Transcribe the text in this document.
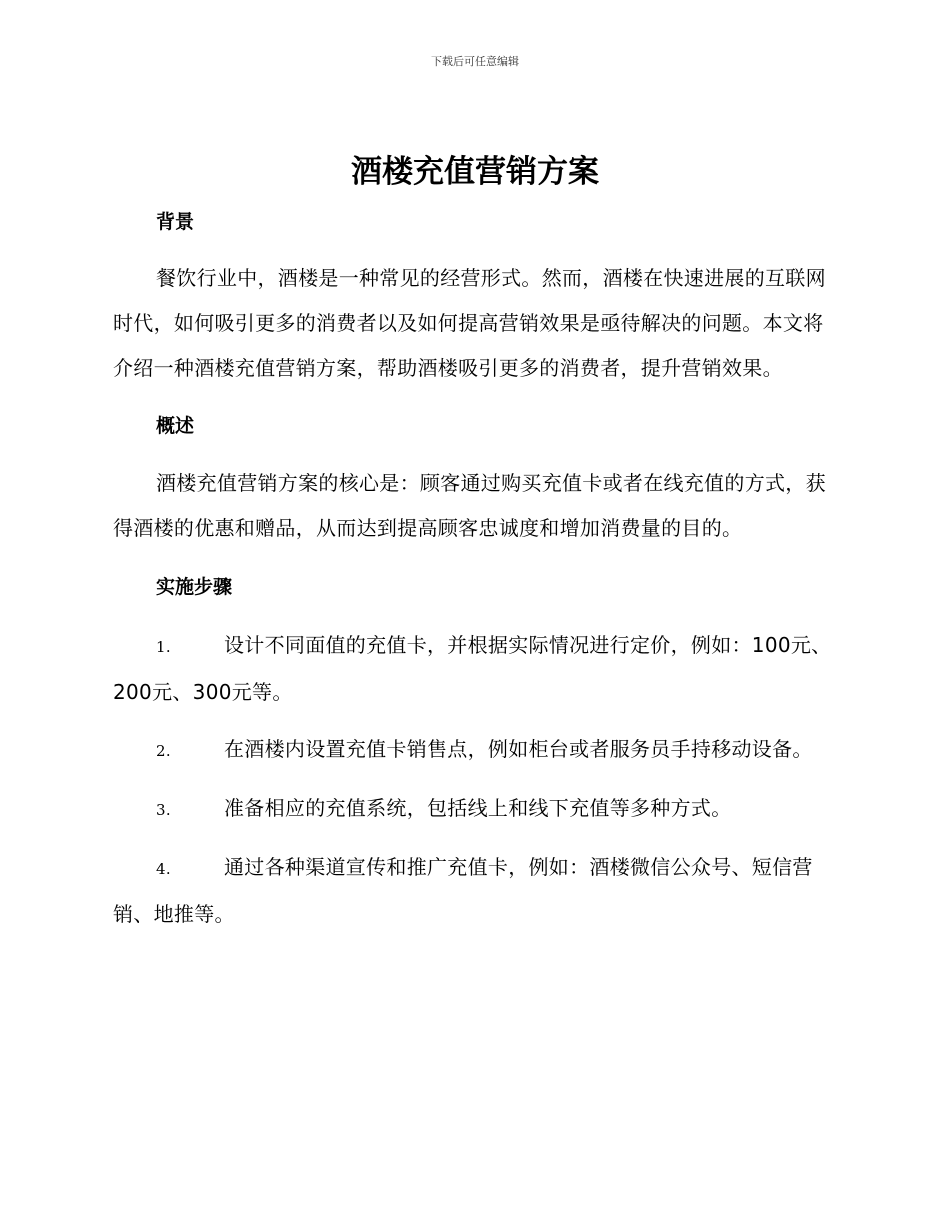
下载后可任意编辑
酒楼充值营销方案
背景

餐饮行业中，酒楼是一种常见的经营形式。然而，酒楼在快速进展的互联网时代，如何吸引更多的消费者以及如何提高营销效果是亟待解决的问题。本文将介绍一种酒楼充值营销方案，帮助酒楼吸引更多的消费者，提升营销效果。

概述

酒楼充值营销方案的核心是：顾客通过购买充值卡或者在线充值的方式，获得酒楼的优惠和赠品，从而达到提高顾客忠诚度和增加消费量的目的。

实施步骤

1.	设计不同面值的充值卡，并根据实际情况进行定价，例如：100元、200元、300元等。

2.	在酒楼内设置充值卡销售点，例如柜台或者服务员手持移动设备。

3.	准备相应的充值系统，包括线上和线下充值等多种方式。

4.	通过各种渠道宣传和推广充值卡，例如：酒楼微信公众号、短信营销、地推等。
